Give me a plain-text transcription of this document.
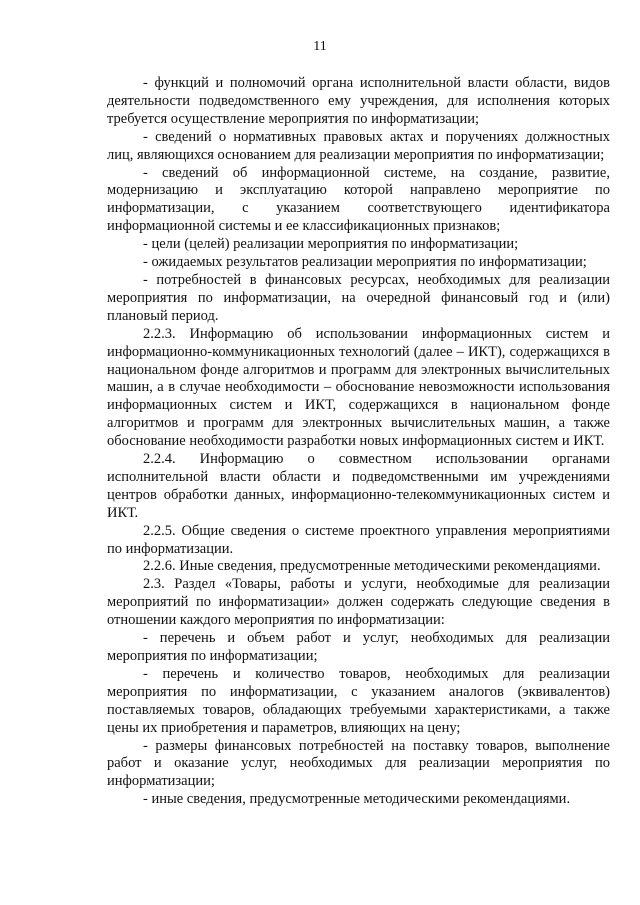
11

- функций и полномочий органа исполнительной власти области, видов деятельности подведомственного ему учреждения, для исполнения которых требуется осуществление мероприятия по информатизации;

- сведений о нормативных правовых актах и поручениях должностных лиц, являющихся основанием для реализации мероприятия по информатизации;

- сведений об информационной системе, на создание, развитие, модернизацию и эксплуатацию которой направлено мероприятие по информатизации, с указанием соответствующего идентификатора информационной системы и ее классификационных признаков;

- цели (целей) реализации мероприятия по информатизации;

- ожидаемых результатов реализации мероприятия по информатизации;

- потребностей в финансовых ресурсах, необходимых для реализации мероприятия по информатизации, на очередной финансовый год и (или) плановый период.

2.2.3. Информацию об использовании информационных систем и информационно-коммуникационных технологий (далее – ИКТ), содержащихся в национальном фонде алгоритмов и программ для электронных вычислительных машин, а в случае необходимости – обоснование невозможности использования информационных систем и ИКТ, содержащихся в национальном фонде алгоритмов и программ для электронных вычислительных машин, а также обоснование необходимости разработки новых информационных систем и ИКТ.

2.2.4. Информацию о совместном использовании органами исполнительной власти области и подведомственными им учреждениями центров обработки данных, информационно-телекоммуникационных систем и ИКТ.

2.2.5. Общие сведения о системе проектного управления мероприятиями по информатизации.

2.2.6. Иные сведения, предусмотренные методическими рекомендациями.

2.3. Раздел «Товары, работы и услуги, необходимые для реализации мероприятий по информатизации» должен содержать следующие сведения в отношении каждого мероприятия по информатизации:

- перечень и объем работ и услуг, необходимых для реализации мероприятия по информатизации;

- перечень и количество товаров, необходимых для реализации мероприятия по информатизации, с указанием аналогов (эквивалентов) поставляемых товаров, обладающих требуемыми характеристиками, а также цены их приобретения и параметров, влияющих на цену;

- размеры финансовых потребностей на поставку товаров, выполнение работ и оказание услуг, необходимых для реализации мероприятия по информатизации;

- иные сведения, предусмотренные методическими рекомендациями.
